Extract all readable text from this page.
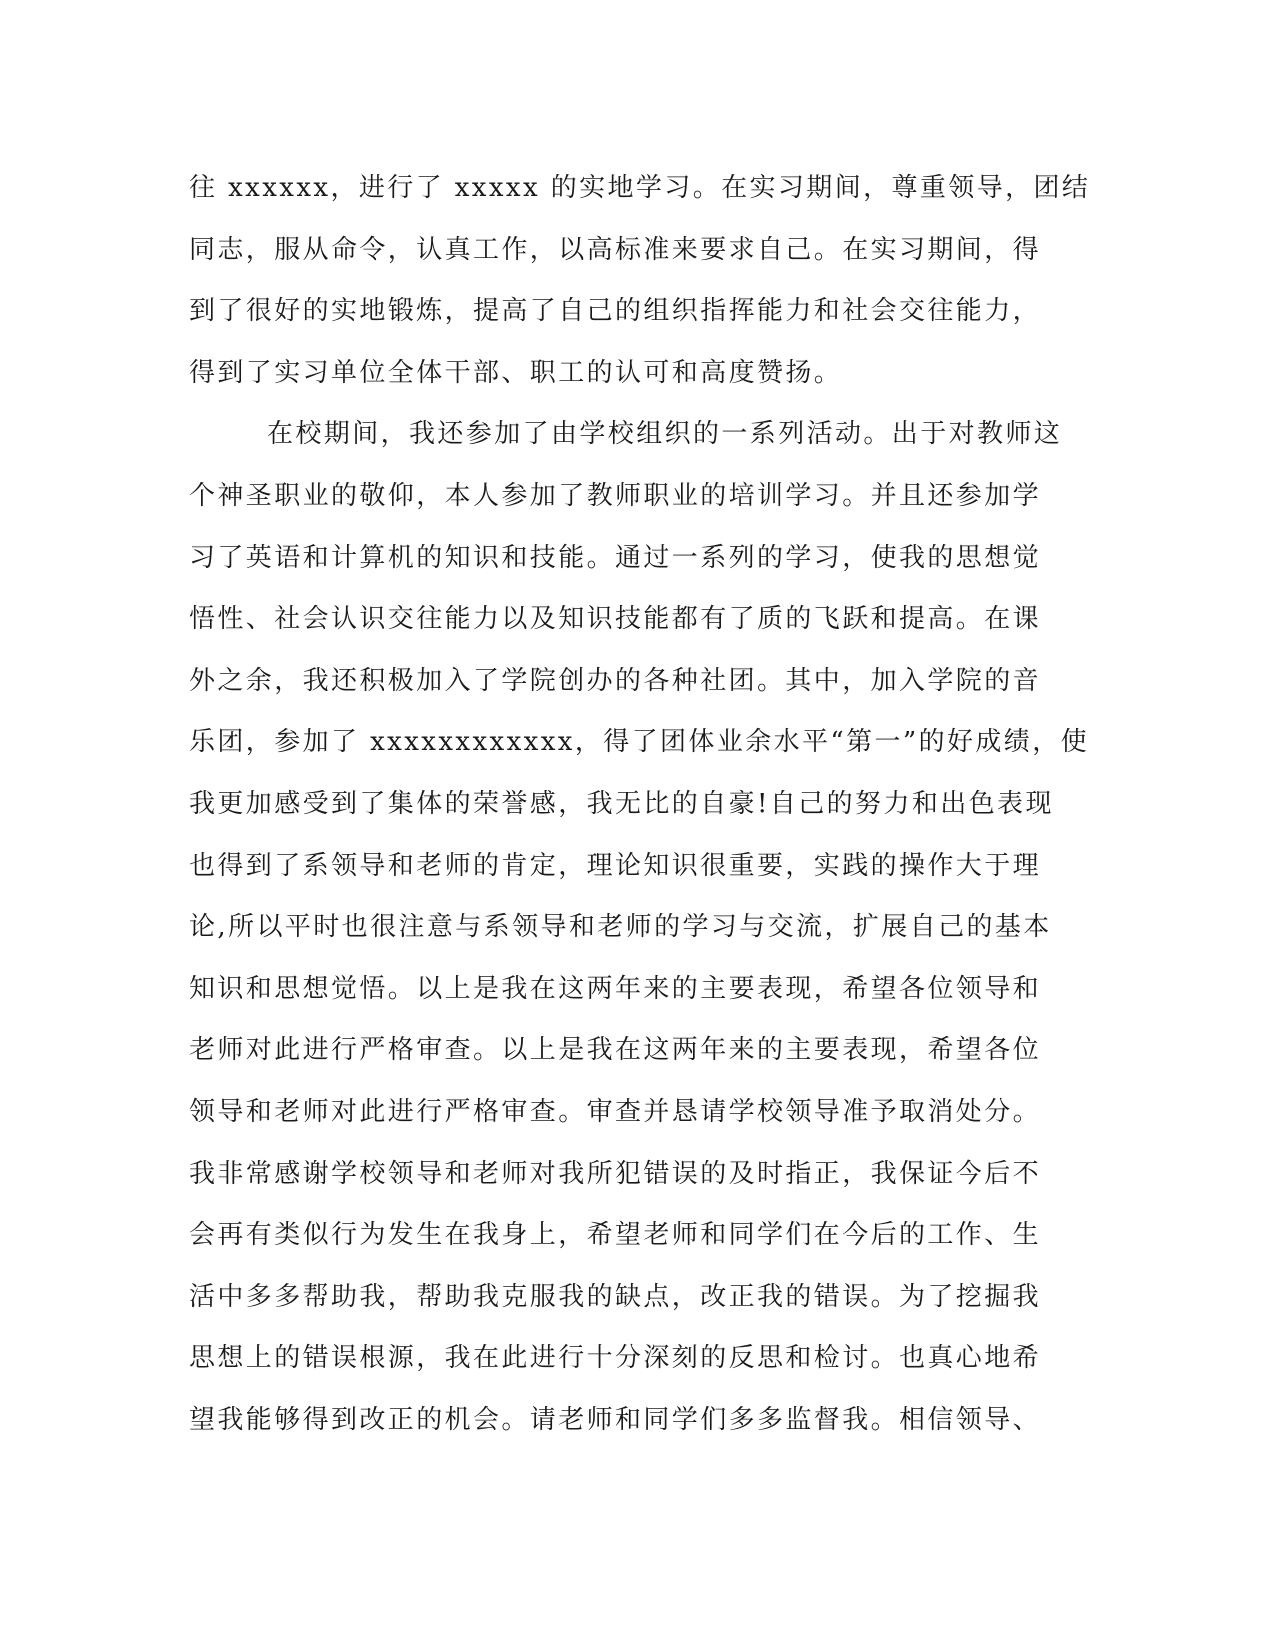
往 xxxxxx，进行了 xxxxx 的实地学习。在实习期间，尊重领导，团结
同志，服从命令，认真工作，以高标准来要求自己。在实习期间，得
到了很好的实地锻炼，提高了自己的组织指挥能力和社会交往能力，
得到了实习单位全体干部、职工的认可和高度赞扬。
在校期间，我还参加了由学校组织的一系列活动。出于对教师这
个神圣职业的敬仰，本人参加了教师职业的培训学习。并且还参加学
习了英语和计算机的知识和技能。通过一系列的学习，使我的思想觉
悟性、社会认识交往能力以及知识技能都有了质的飞跃和提高。在课
外之余，我还积极加入了学院创办的各种社团。其中，加入学院的音
乐团，参加了 xxxxxxxxxxxx，得了团体业余水平“第一”的好成绩，使
我更加感受到了集体的荣誉感，我无比的自豪!自己的努力和出色表现
也得到了系领导和老师的肯定，理论知识很重要，实践的操作大于理
论,所以平时也很注意与系领导和老师的学习与交流，扩展自己的基本
知识和思想觉悟。以上是我在这两年来的主要表现，希望各位领导和
老师对此进行严格审查。以上是我在这两年来的主要表现，希望各位
领导和老师对此进行严格审查。审查并恳请学校领导准予取消处分。
我非常感谢学校领导和老师对我所犯错误的及时指正，我保证今后不
会再有类似行为发生在我身上，希望老师和同学们在今后的工作、生
活中多多帮助我，帮助我克服我的缺点，改正我的错误。为了挖掘我
思想上的错误根源，我在此进行十分深刻的反思和检讨。也真心地希
望我能够得到改正的机会。请老师和同学们多多监督我。相信领导、
